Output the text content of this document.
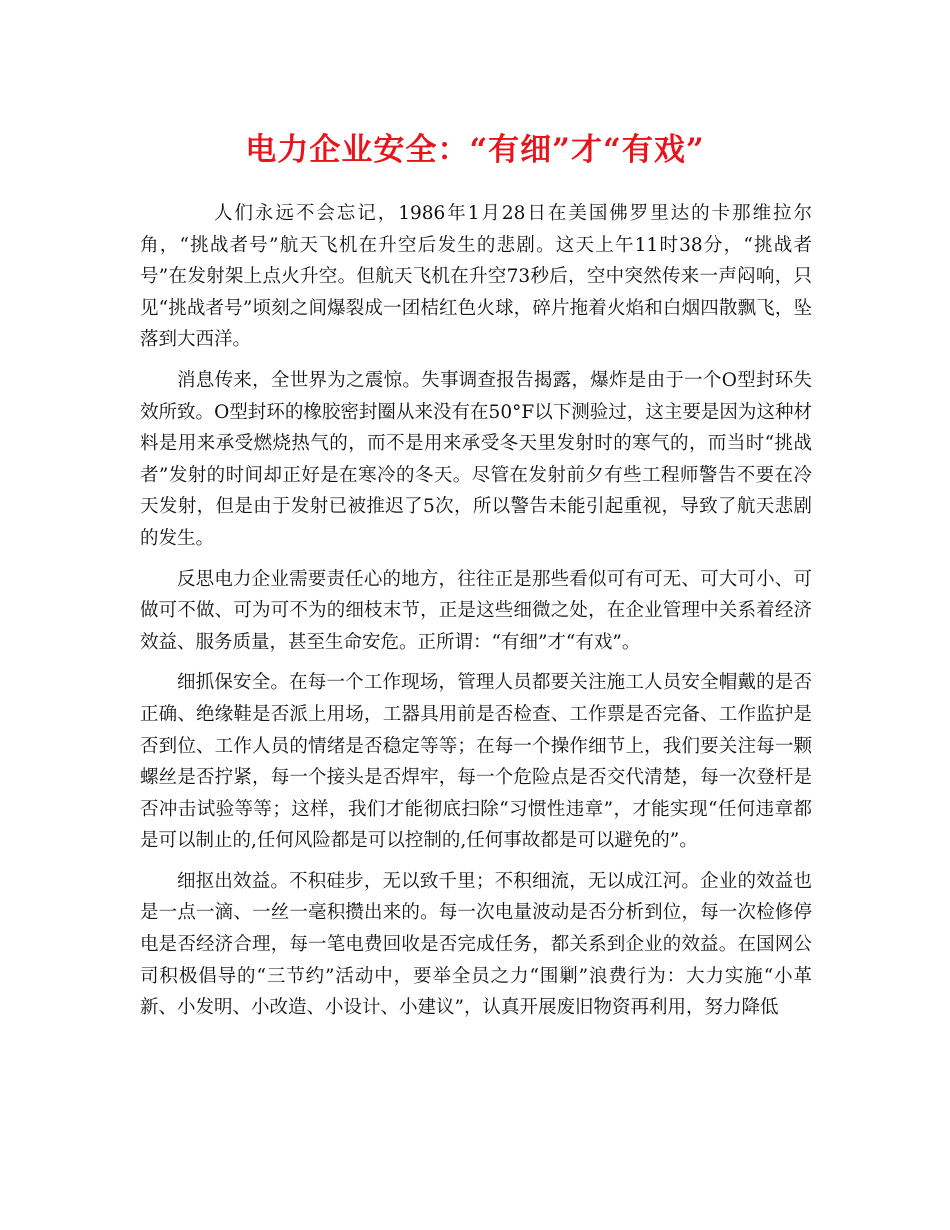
电力企业安全：“有细”才“有戏”

人们永远不会忘记，1986年1月28日在美国佛罗里达的卡那维拉尔角，“挑战者号”航天飞机在升空后发生的悲剧。这天上午11时38分，“挑战者号”在发射架上点火升空。但航天飞机在升空73秒后，空中突然传来一声闷响，只见“挑战者号”顷刻之间爆裂成一团桔红色火球，碎片拖着火焰和白烟四散飘飞，坠落到大西洋。

消息传来，全世界为之震惊。失事调查报告揭露，爆炸是由于一个O型封环失效所致。O型封环的橡胶密封圈从来没有在50°F以下测验过，这主要是因为这种材料是用来承受燃烧热气的，而不是用来承受冬天里发射时的寒气的，而当时“挑战者”发射的时间却正好是在寒冷的冬天。尽管在发射前夕有些工程师警告不要在冷天发射，但是由于发射已被推迟了5次，所以警告未能引起重视，导致了航天悲剧的发生。

反思电力企业需要责任心的地方，往往正是那些看似可有可无、可大可小、可做可不做、可为可不为的细枝末节，正是这些细微之处，在企业管理中关系着经济效益、服务质量，甚至生命安危。正所谓：“有细”才“有戏”。

细抓保安全。在每一个工作现场，管理人员都要关注施工人员安全帽戴的是否正确、绝缘鞋是否派上用场，工器具用前是否检查、工作票是否完备、工作监护是否到位、工作人员的情绪是否稳定等等；在每一个操作细节上，我们要关注每一颗螺丝是否拧紧，每一个接头是否焊牢，每一个危险点是否交代清楚，每一次登杆是否冲击试验等等；这样，我们才能彻底扫除“习惯性违章”，才能实现“任何违章都是可以制止的,任何风险都是可以控制的,任何事故都是可以避免的”。

细抠出效益。不积硅步，无以致千里；不积细流，无以成江河。企业的效益也是一点一滴、一丝一毫积攒出来的。每一次电量波动是否分析到位，每一次检修停电是否经济合理，每一笔电费回收是否完成任务，都关系到企业的效益。在国网公司积极倡导的“三节约”活动中，要举全员之力“围剿”浪费行为：大力实施“小革新、小发明、小改造、小设计、小建议”，认真开展废旧物资再利用，努力降低
